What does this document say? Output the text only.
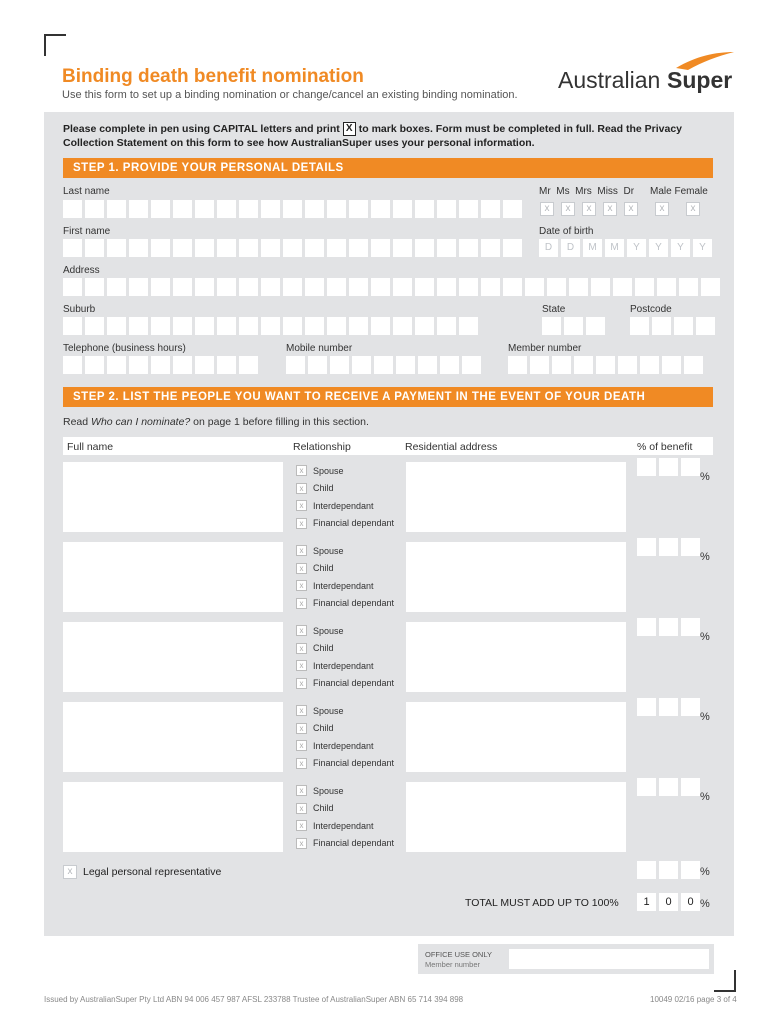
Binding death benefit nomination
Use this form to set up a binding nomination or change/cancel an existing binding nomination.
Australian Super
Please complete in pen using CAPITAL letters and print X to mark boxes. Form must be completed in full. Read the Privacy Collection Statement on this form to see how AustralianSuper uses your personal information.
STEP 1. PROVIDE YOUR PERSONAL DETAILS
Last name	Mr Ms Mrs Miss Dr Male Female
x	x	x	x	x	x	x
First name	Date of birth
D	D	M	M	Y	Y	Y	Y
Address
Suburb	State	Postcode
Telephone (business hours)	Mobile number	Member number
STEP 2. LIST THE PEOPLE YOU WANT TO RECEIVE A PAYMENT IN THE EVENT OF YOUR DEATH
Read Who can I nominate? on page 1 before filling in this section.
Full name	Relationship	Residential address	% of benefit
x	Spouse
x	Child
x	Interdependant
x	Financial dependant
%
x	Spouse
x	Child
x	Interdependant
x	Financial dependant
%
x	Spouse
x	Child
x	Interdependant
x	Financial dependant
%
x	Spouse
x	Child
x	Interdependant
x	Financial dependant
%
x	Spouse
x	Child
x	Interdependant
x	Financial dependant
%
x	Legal personal representative	%
TOTAL MUST ADD UP TO 100%	1	0	0 %
OFFICE USE ONLY
Member number
Issued by AustralianSuper Pty Ltd ABN 94 006 457 987 AFSL 233788 Trustee of AustralianSuper ABN 65 714 394 898	10049 02/16 page 3 of 4
